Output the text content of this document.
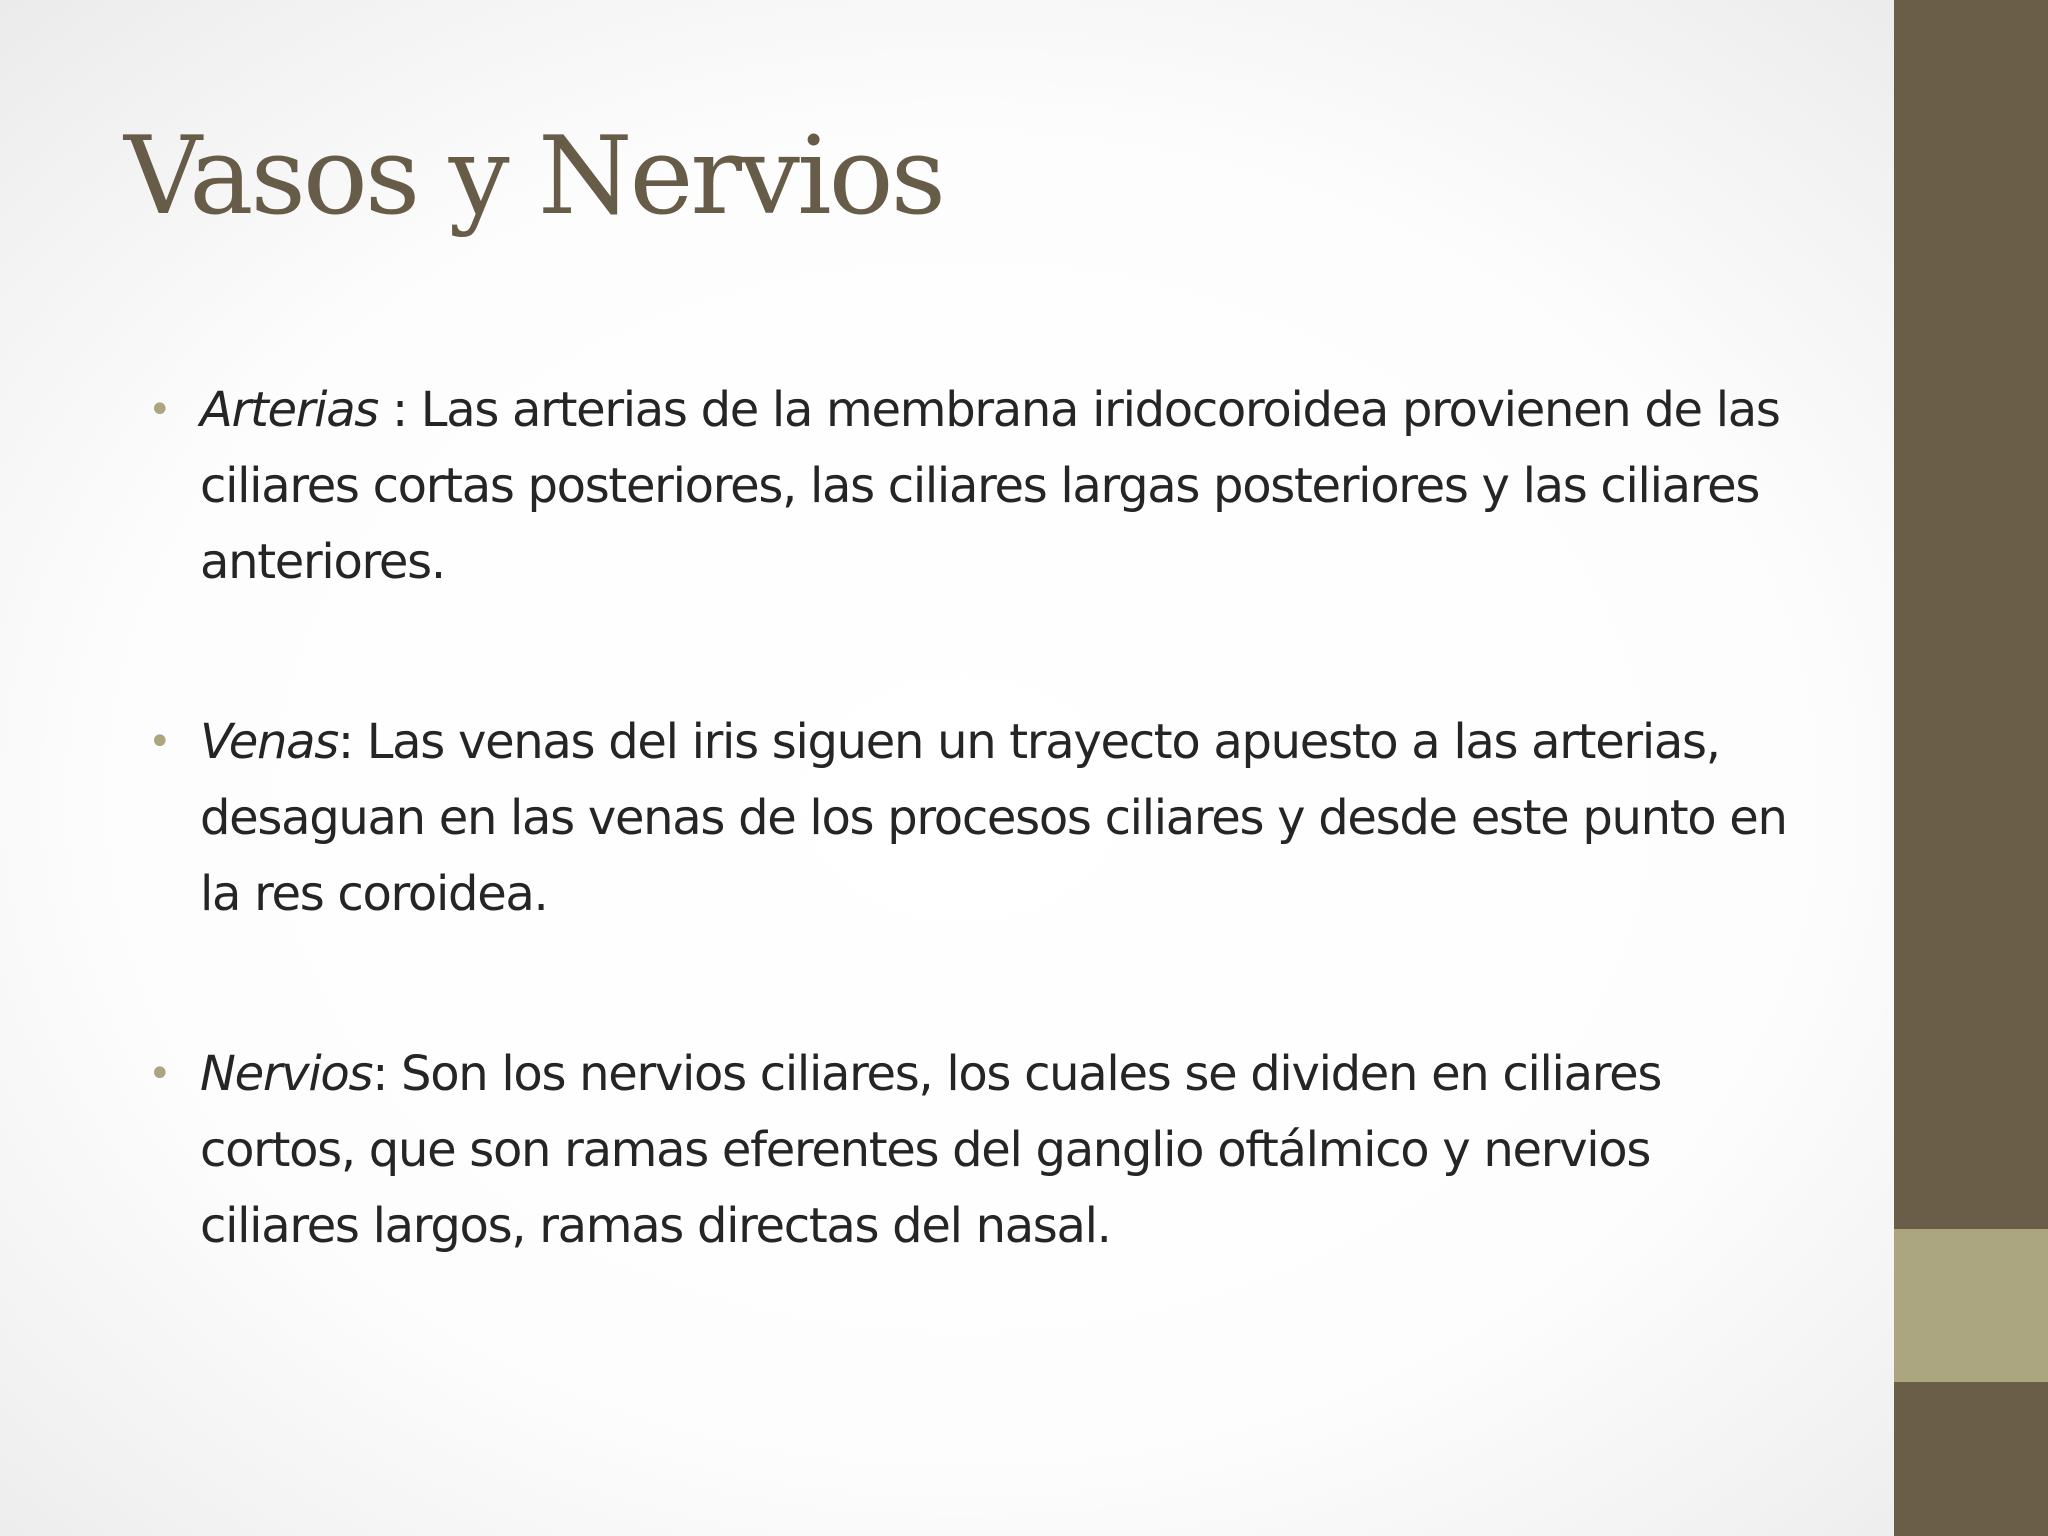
Vasos y Nervios
• Arterias : Las arterias de la membrana iridocoroidea provienen de las ciliares cortas posteriores, las ciliares largas posteriores y las ciliares anteriores.
• Venas: Las venas del iris siguen un trayecto apuesto a las arterias, desaguan en las venas de los procesos ciliares y desde este punto en la res coroidea.
• Nervios: Son los nervios ciliares, los cuales se dividen en ciliares cortos, que son ramas eferentes del ganglio oftálmico y nervios ciliares largos, ramas directas del nasal.
